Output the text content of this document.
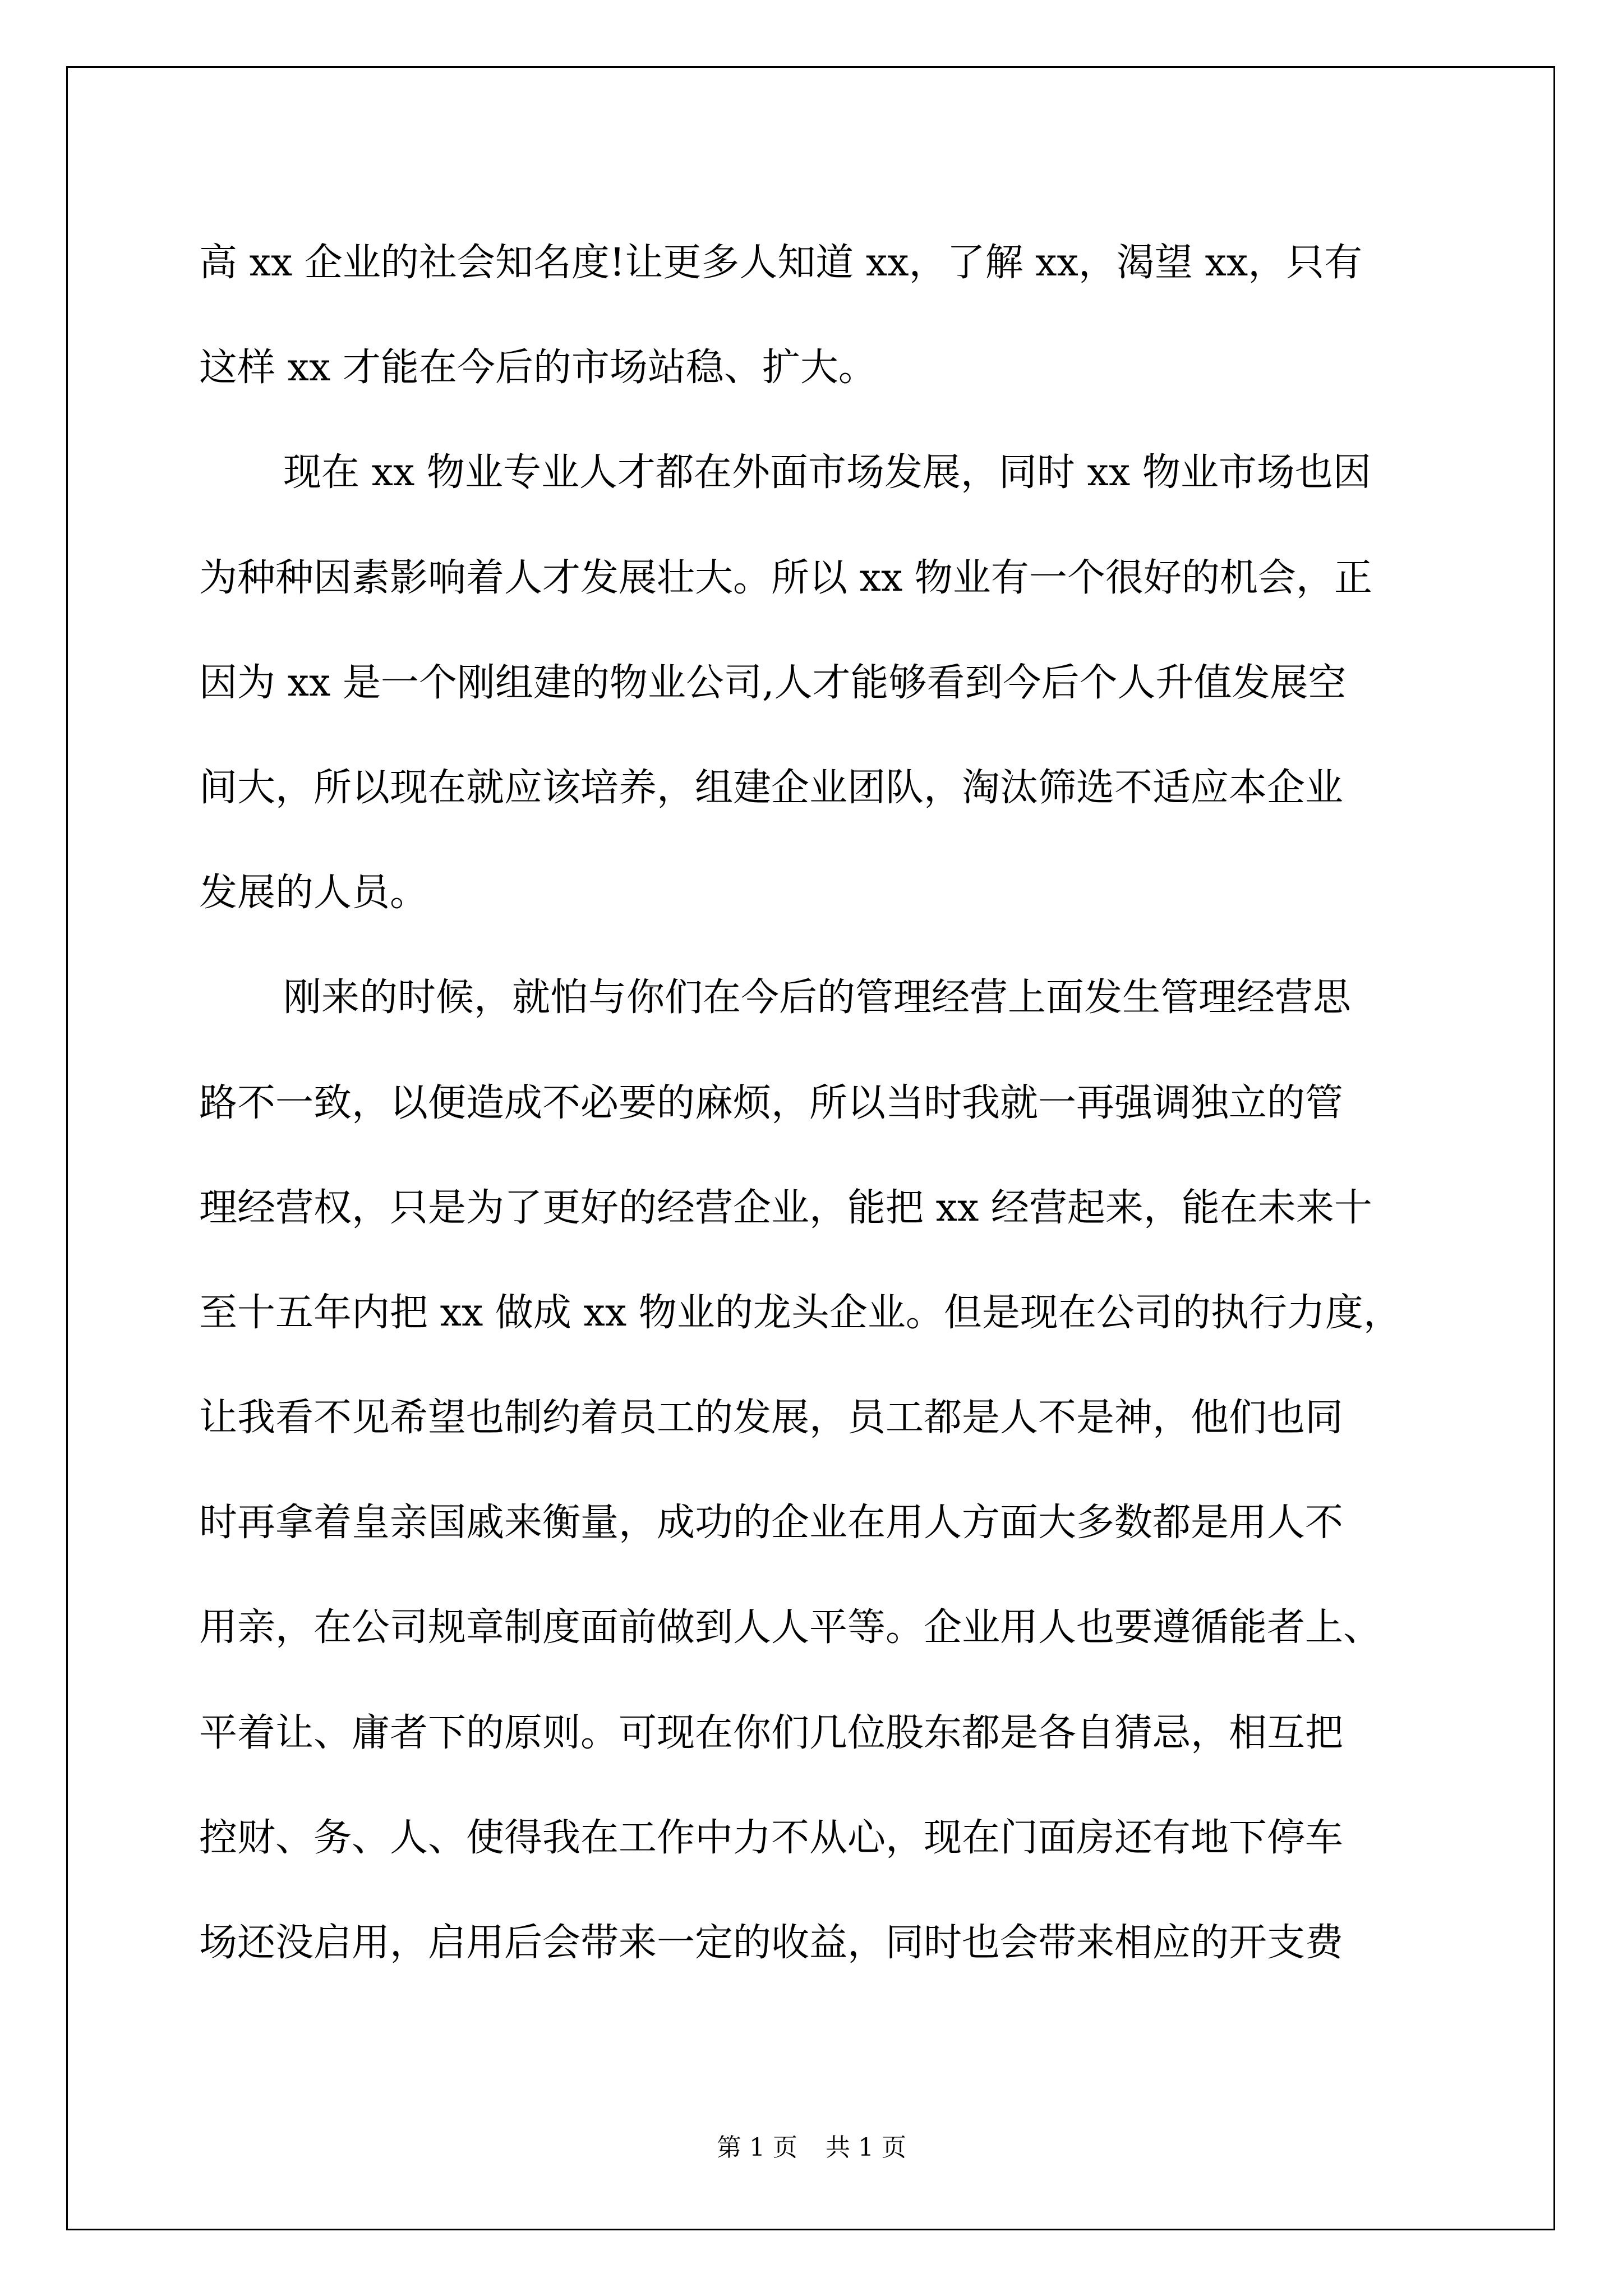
高 xx 企业的社会知名度!让更多人知道 xx，了解 xx，渴望 xx，只有
这样 xx 才能在今后的市场站稳、扩大。
现在 xx 物业专业人才都在外面市场发展，同时 xx 物业市场也因
为种种因素影响着人才发展壮大。所以 xx 物业有一个很好的机会，正
因为 xx 是一个刚组建的物业公司,人才能够看到今后个人升值发展空
间大，所以现在就应该培养，组建企业团队，淘汰筛选不适应本企业
发展的人员。
刚来的时候，就怕与你们在今后的管理经营上面发生管理经营思
路不一致，以便造成不必要的麻烦，所以当时我就一再强调独立的管
理经营权，只是为了更好的经营企业，能把 xx 经营起来，能在未来十
至十五年内把 xx 做成 xx 物业的龙头企业。但是现在公司的执行力度，
让我看不见希望也制约着员工的发展，员工都是人不是神，他们也同
时再拿着皇亲国戚来衡量，成功的企业在用人方面大多数都是用人不
用亲，在公司规章制度面前做到人人平等。企业用人也要遵循能者上、
平着让、庸者下的原则。可现在你们几位股东都是各自猜忌，相互把
控财、务、人、使得我在工作中力不从心，现在门面房还有地下停车
场还没启用，启用后会带来一定的收益，同时也会带来相应的开支费
第 1 页 共 1 页
